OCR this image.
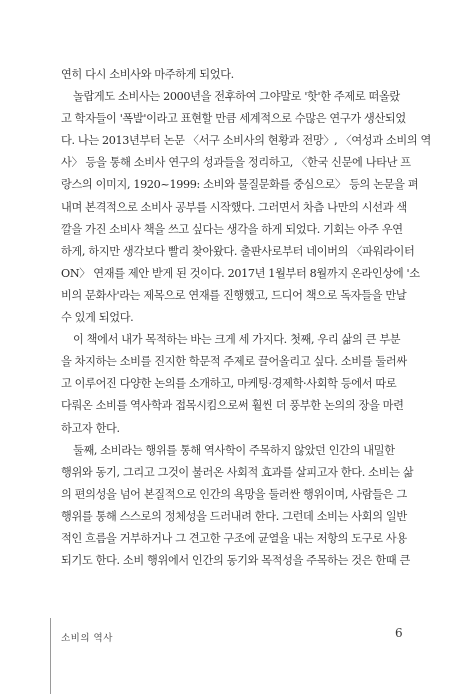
연히 다시 소비사와 마주하게 되었다.
놀랍게도 소비사는 2000년을 전후하여 그야말로 '핫'한 주제로 떠올랐
고 학자들이 '폭발'이라고 표현할 만큼 세계적으로 수많은 연구가 생산되었
다. 나는 2013년부터 논문 〈서구 소비사의 현황과 전망〉, 〈여성과 소비의 역
사〉 등을 통해 소비사 연구의 성과들을 정리하고, 〈한국 신문에 나타난 프
랑스의 이미지, 1920~1999: 소비와 물질문화를 중심으로〉 등의 논문을 펴
내며 본격적으로 소비사 공부를 시작했다. 그러면서 차츰 나만의 시선과 색
깔을 가진 소비사 책을 쓰고 싶다는 생각을 하게 되었다. 기회는 아주 우연
하게, 하지만 생각보다 빨리 찾아왔다. 출판사로부터 네이버의 〈파워라이터
ON〉 연재를 제안 받게 된 것이다. 2017년 1월부터 8월까지 온라인상에 '소
비의 문화사'라는 제목으로 연재를 진행했고, 드디어 책으로 독자들을 만날
수 있게 되었다.
이 책에서 내가 목적하는 바는 크게 세 가지다. 첫째, 우리 삶의 큰 부분
을 차지하는 소비를 진지한 학문적 주제로 끌어올리고 싶다. 소비를 둘러싸
고 이루어진 다양한 논의를 소개하고, 마케팅·경제학·사회학 등에서 따로
다뤄온 소비를 역사학과 접목시킴으로써 훨씬 더 풍부한 논의의 장을 마련
하고자 한다.
둘째, 소비라는 행위를 통해 역사학이 주목하지 않았던 인간의 내밀한
행위와 동기, 그리고 그것이 불러온 사회적 효과를 살피고자 한다. 소비는 삶
의 편의성을 넘어 본질적으로 인간의 욕망을 둘러싼 행위이며, 사람들은 그
행위를 통해 스스로의 정체성을 드러내려 한다. 그런데 소비는 사회의 일반
적인 흐름을 거부하거나 그 견고한 구조에 균열을 내는 저항의 도구로 사용
되기도 한다. 소비 행위에서 인간의 동기와 목적성을 주목하는 것은 한때 큰
소비의 역사	6
